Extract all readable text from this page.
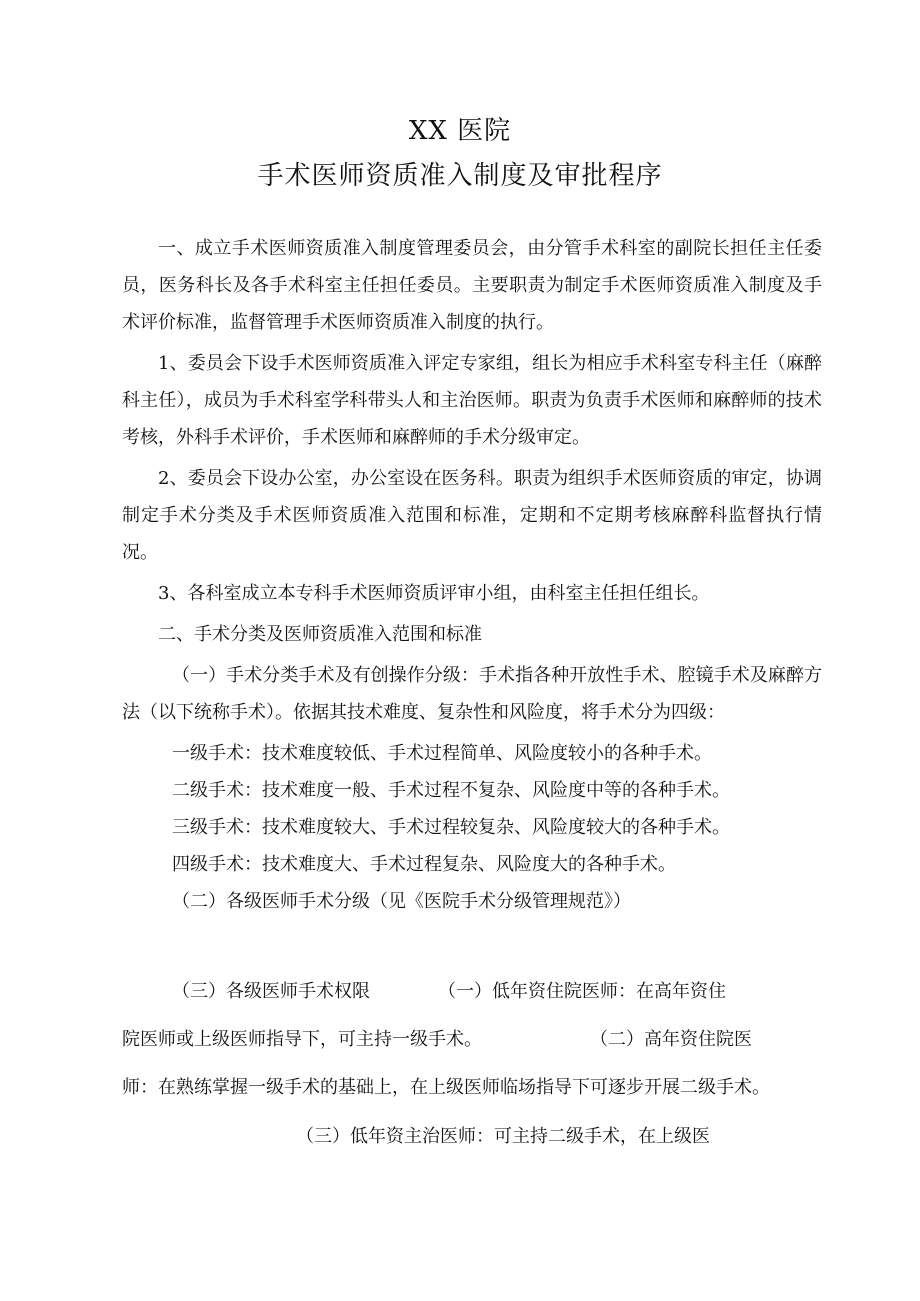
XX 医院
手术医师资质准入制度及审批程序

一、成立手术医师资质准入制度管理委员会，由分管手术科室的副院长担任主任委员，医务科长及各手术科室主任担任委员。主要职责为制定手术医师资质准入制度及手术评价标准，监督管理手术医师资质准入制度的执行。

1、委员会下设手术医师资质准入评定专家组，组长为相应手术科室专科主任（麻醉科主任），成员为手术科室学科带头人和主治医师。职责为负责手术医师和麻醉师的技术考核，外科手术评价，手术医师和麻醉师的手术分级审定。

2、委员会下设办公室，办公室设在医务科。职责为组织手术医师资质的审定，协调制定手术分类及手术医师资质准入范围和标准，定期和不定期考核麻醉科监督执行情况。

3、各科室成立本专科手术医师资质评审小组，由科室主任担任组长。

二、手术分类及医师资质准入范围和标准

（一）手术分类手术及有创操作分级：手术指各种开放性手术、腔镜手术及麻醉方法（以下统称手术）。依据其技术难度、复杂性和风险度，将手术分为四级：

一级手术：技术难度较低、手术过程简单、风险度较小的各种手术。

二级手术：技术难度一般、手术过程不复杂、风险度中等的各种手术。

三级手术：技术难度较大、手术过程较复杂、风险度较大的各种手术。

四级手术：技术难度大、手术过程复杂、风险度大的各种手术。

（二）各级医师手术分级（见《医院手术分级管理规范》）

（三）各级医师手术权限	（一）低年资住院医师：在高年资住
院医师或上级医师指导下，可主持一级手术。	（二）高年资住院医
师：在熟练掌握一级手术的基础上，在上级医师临场指导下可逐步开展二级手术。
（三）低年资主治医师：可主持二级手术，在上级医
